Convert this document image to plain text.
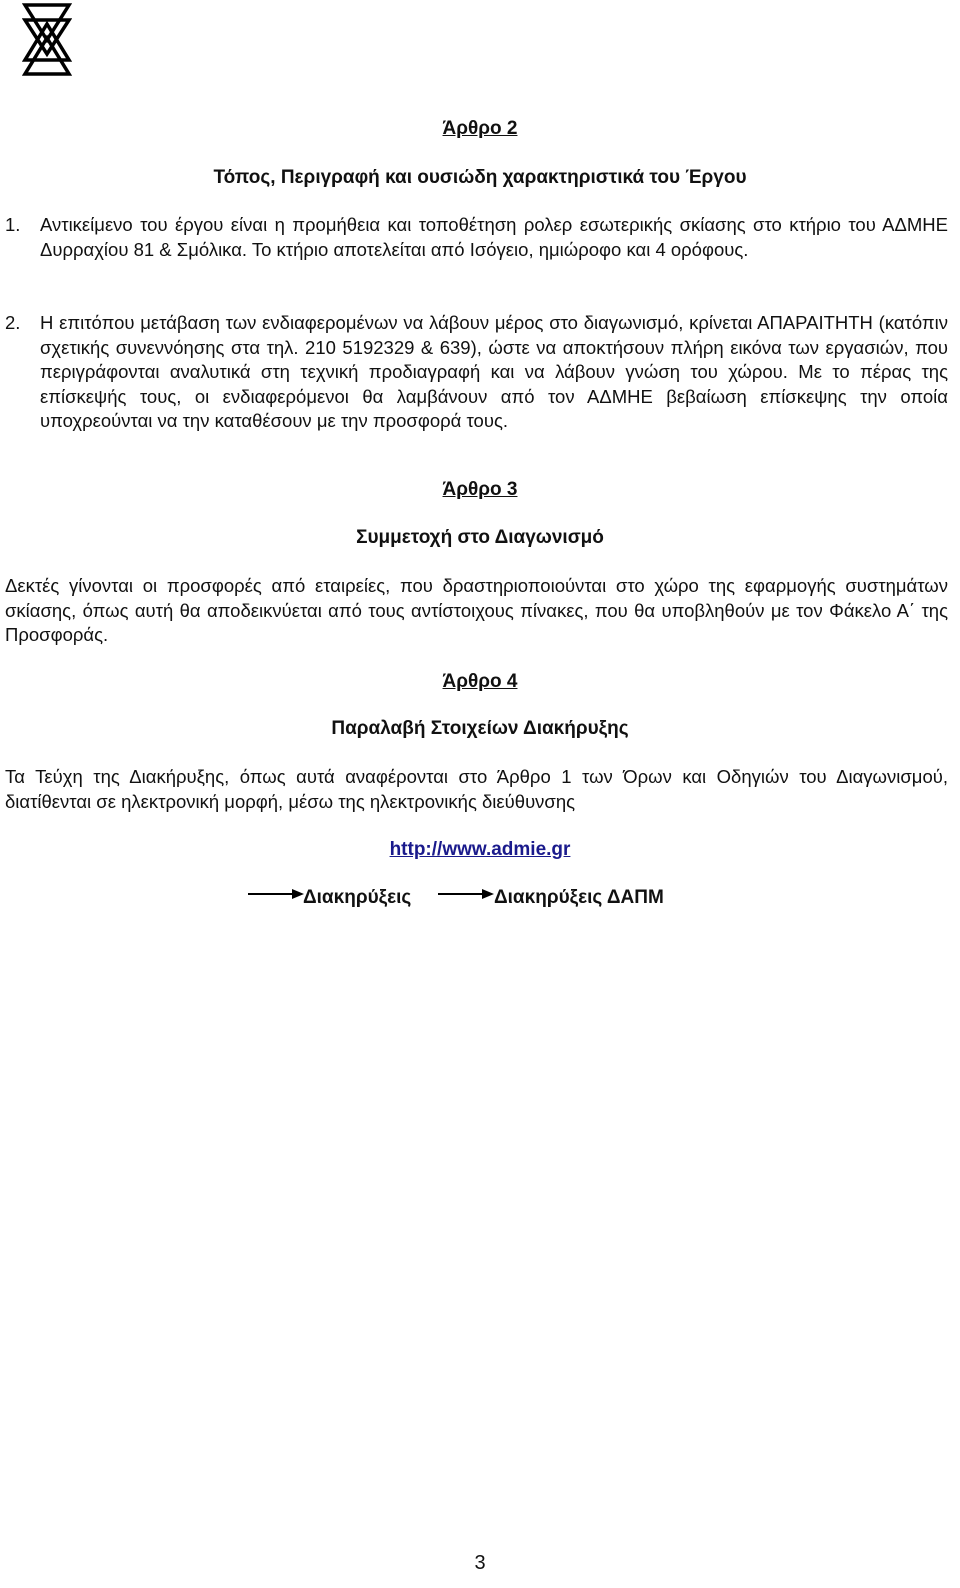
Άρθρο 2
Τόπος, Περιγραφή και ουσιώδη χαρακτηριστικά του Έργου
1. Αντικείμενο του έργου είναι η προμήθεια και τοποθέτηση ρολερ εσωτερικής σκίασης στο κτήριο του ΑΔΜΗΕ Δυρραχίου 81 & Σμόλικα. Το κτήριο αποτελείται από Ισόγειο, ημιώροφο και 4 ορόφους.
2. Η επιτόπου μετάβαση των ενδιαφερομένων να λάβουν μέρος στο διαγωνισμό, κρίνεται ΑΠΑΡΑΙΤΗΤΗ (κατόπιν σχετικής συνεννόησης στα τηλ. 210 5192329 & 639), ώστε να αποκτήσουν πλήρη εικόνα των εργασιών, που περιγράφονται αναλυτικά στη τεχνική προδιαγραφή και να λάβουν γνώση του χώρου. Με το πέρας της επίσκεψής τους, οι ενδιαφερόμενοι θα λαμβάνουν από τον ΑΔΜΗΕ βεβαίωση επίσκεψης την οποία υποχρεούνται να την καταθέσουν με την προσφορά τους.
Άρθρο 3
Συμμετοχή στο Διαγωνισμό
Δεκτές γίνονται οι προσφορές από εταιρείες, που δραστηριοποιούνται στο χώρο της εφαρμογής συστημάτων σκίασης, όπως αυτή θα αποδεικνύεται από τους αντίστοιχους πίνακες, που θα υποβληθούν με τον Φάκελο Α΄ της Προσφοράς.
Άρθρο 4
Παραλαβή Στοιχείων Διακήρυξης
Τα Τεύχη της Διακήρυξης, όπως αυτά αναφέρονται στο Άρθρο 1 των Όρων και Οδηγιών του Διαγωνισμού, διατίθενται σε ηλεκτρονική μορφή, μέσω της ηλεκτρονικής διεύθυνσης
http://www.admie.gr
Διακηρύξεις	Διακηρύξεις ΔΑΠΜ
3
